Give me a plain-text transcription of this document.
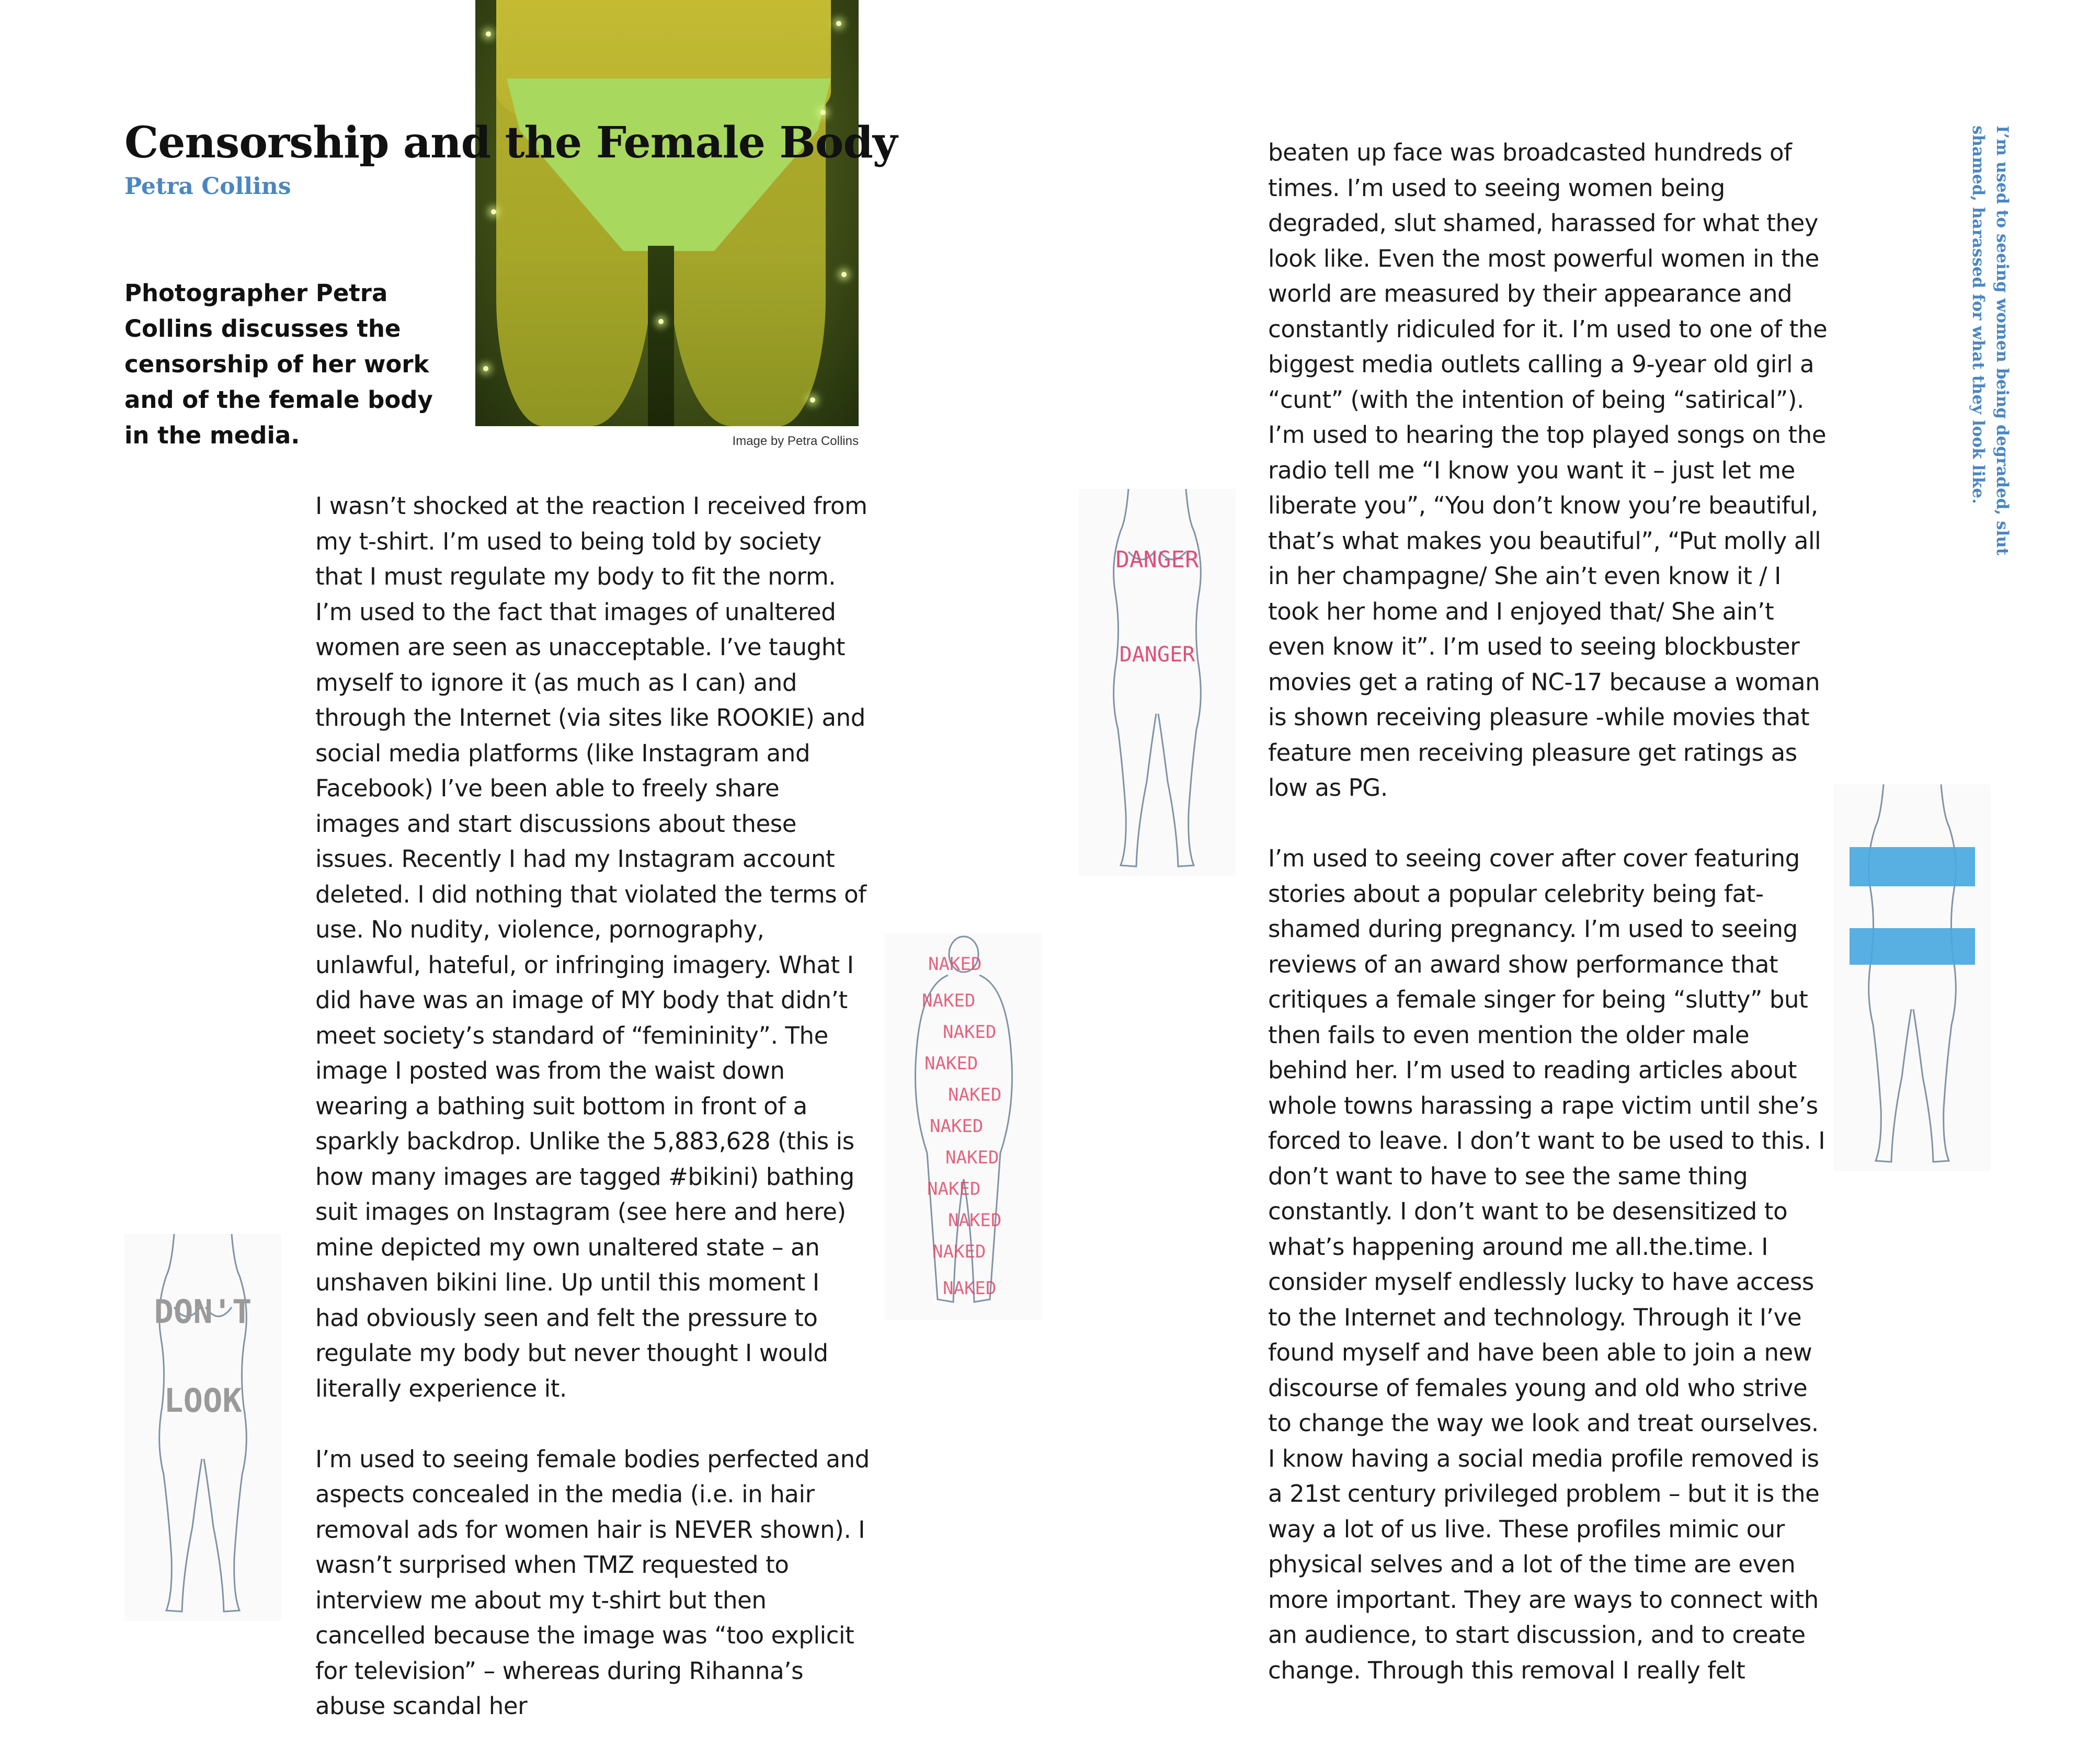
Image by Petra Collins
Censorship and the Female Body
Petra Collins
Photographer Petra Collins discusses the censorship of her work and of the female body in the media.

I wasn’t shocked at the reaction I received from my t-shirt. I’m used to being told by society that I must regulate my body to fit the norm. I’m used to the fact that images of unaltered women are seen as unacceptable. I’ve taught myself to ignore it (as much as I can) and through the Internet (via sites like ROOKIE) and social media platforms (like Instagram and Facebook) I’ve been able to freely share images and start discussions about these issues. Recently I had my Instagram account deleted. I did nothing that violated the terms of use. No nudity, violence, pornography, unlawful, hateful, or infringing imagery. What I did have was an image of MY body that didn’t meet society’s standard of “femininity”. The image I posted was from the waist down wearing a bathing suit bottom in front of a sparkly backdrop. Unlike the 5,883,628 (this is how many images are tagged #bikini) bathing suit images on Instagram (see here and here) mine depicted my own unaltered state – an unshaven bikini line. Up until this moment I had obviously seen and felt the pressure to regulate my body but never thought I would literally experience it.

I’m used to seeing female bodies perfected and aspects concealed in the media (i.e. in hair removal ads for women hair is NEVER shown). I wasn’t surprised when TMZ requested to interview me about my t-shirt but then cancelled because the image was “too explicit for television” – whereas during Rihanna’s abuse scandal her

beaten up face was broadcasted hundreds of times. I’m used to seeing women being degraded, slut shamed, harassed for what they look like. Even the most powerful women in the world are measured by their appearance and constantly ridiculed for it. I’m used to one of the biggest media outlets calling a 9-year old girl a “cunt” (with the intention of being “satirical”). I’m used to hearing the top played songs on the radio tell me “I know you want it – just let me liberate you”, “You don’t know you’re beautiful, that’s what makes you beautiful”, “Put molly all in her champagne/ She ain’t even know it / I took her home and I enjoyed that/ She ain’t even know it”. I’m used to seeing blockbuster movies get a rating of NC-17 because a woman is shown receiving pleasure -while movies that feature men receiving pleasure get ratings as low as PG.

I’m used to seeing cover after cover featuring stories about a popular celebrity being fat-shamed during pregnancy. I’m used to seeing reviews of an award show performance that critiques a female singer for being “slutty” but then fails to even mention the older male behind her. I’m used to reading articles about whole towns harassing a rape victim until she’s forced to leave. I don’t want to be used to this. I don’t want to have to see the same thing constantly. I don’t want to be desensitized to what’s happening around me all.the.time. I consider myself endlessly lucky to have access to the Internet and technology. Through it I’ve found myself and have been able to join a new discourse of females young and old who strive to change the way we look and treat ourselves. I know having a social media profile removed is a 21st century privileged problem – but it is the way a lot of us live. These profiles mimic our physical selves and a lot of the time are even more important. They are ways to connect with an audience, to start discussion, and to create change. Through this removal I really felt

I’m used to seeing women being degraded, slut shamed, harassed for what they look like.
DANGER
DANGER
NAKED
NAKED
NAKED
NAKED
NAKED
NAKED
NAKED
NAKED
NAKED
NAKED
NAKED
DON'T
LOOK
